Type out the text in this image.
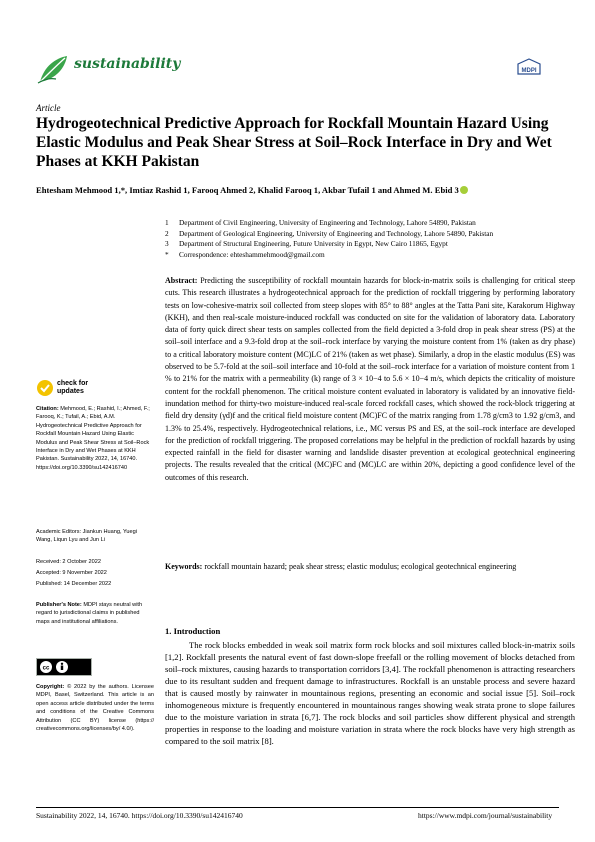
sustainability	MDPI
Article
Hydrogeotechnical Predictive Approach for Rockfall Mountain Hazard Using Elastic Modulus and Peak Shear Stress at Soil–Rock Interface in Dry and Wet Phases at KKH Pakistan
Ehtesham Mehmood 1,*, Imtiaz Rashid 1, Farooq Ahmed 2, Khalid Farooq 1, Akbar Tufail 1 and Ahmed M. Ebid 3
1	Department of Civil Engineering, University of Engineering and Technology, Lahore 54890, Pakistan
2	Department of Geological Engineering, University of Engineering and Technology, Lahore 54890, Pakistan
3	Department of Structural Engineering, Future University in Egypt, New Cairo 11865, Egypt
*	Correspondence: ehteshammehmood@gmail.com
Abstract: Predicting the susceptibility of rockfall mountain hazards for block-in-matrix soils is challenging for critical steep cuts. This research illustrates a hydrogeotechnical approach for the prediction of rockfall triggering by performing laboratory tests on low-cohesive-matrix soil collected from steep slopes with 85° to 88° angles at the Tatta Pani site, Karakorum Highway (KKH), and then real-scale moisture-induced rockfall was conducted on site for the validation of laboratory data. Laboratory data of forty quick direct shear tests on samples collected from the field depicted a 3-fold drop in peak shear stress (PS) at the soil–soil interface and a 9.3-fold drop at the soil–rock interface by varying the moisture content from 1% (taken as dry phase) to a critical laboratory moisture content (MC)LC of 21% (taken as wet phase). Similarly, a drop in the elastic modulus (ES) was observed to be 5.7-fold at the soil–soil interface and 10-fold at the soil–rock interface for a variation of moisture content from 1 % to 21% for the matrix with a permeability (k) range of 3 × 10−4 to 5.6 × 10−4 m/s, which depicts the criticality of moisture content for the rockfall phenomenon. The critical moisture content evaluated in laboratory is validated by an innovative field-inundation method for thirty-two moisture-induced real-scale forced rockfall cases, which showed the rock-block triggering at field dry density (γd)f and the critical field moisture content (MC)FC of the matrix ranging from 1.78 g/cm3 to 1.92 g/cm3, and 1.3% to 25.4%, respectively. Hydrogeotechnical relations, i.e., MC versus PS and ES, at the soil–rock interface are developed for the prediction of rockfall triggering. The proposed correlations may be helpful in the prediction of rockfall hazards by using expected rainfall in the field for disaster warning and landslide disaster prevention at ecological geotechnical engineering projects. The results revealed that the critical (MC)FC and (MC)LC are within 20%, depicting a good confidence level of the outcomes of this research.
Keywords: rockfall mountain hazard; peak shear stress; elastic modulus; ecological geotechnical engineering
check for
updates
Citation: Mehmood, E.; Rashid, I.; Ahmed, F.; Farooq, K.; Tufail, A.; Ebid, A.M. Hydrogeotechnical Predictive Approach for Rockfall Mountain Hazard Using Elastic Modulus and Peak Shear Stress at Soil–Rock Interface in Dry and Wet Phases at KKH Pakistan. Sustainability 2022, 14, 16740. https://doi.org/10.3390/su142416740
Academic Editors: Jiankun Huang, Yuegi Wang, Liqun Lyu and Jun Li
Received: 2 October 2022
Accepted: 9 November 2022
Published: 14 December 2022
Publisher's Note: MDPI stays neutral with regard to jurisdictional claims in published maps and institutional affiliations.
cc
Copyright: © 2022 by the authors. Licensee MDPI, Basel, Switzerland. This article is an open access article distributed under the terms and conditions of the Creative Commons Attribution (CC BY) license (https:// creativecommons.org/licenses/by/ 4.0/).
1. Introduction

The rock blocks embedded in weak soil matrix form rock blocks and soil mixtures called block-in-matrix soils [1,2]. Rockfall presents the natural event of fast down-slope freefall or the rolling movement of blocks detached from soil–rock mixtures, causing hazards to transportation corridors [3,4]. The rockfall phenomenon is attracting researchers due to its resultant sudden and frequent damage to infrastructures. Rockfall is an unstable process and severe hazard that is caused mostly by rainwater in mountainous regions, presenting an economic and social issue [5]. Soil–rock inhomogeneous mixture is frequently encountered in mountainous ranges showing weak strata prone to slope failures due to the moisture variation in strata [6,7]. The rock blocks and soil particles show different physical and strength properties in response to the loading and moisture variation in strata where the rock blocks have very high strength as compared to the soil matrix [8].

Sustainability 2022, 14, 16740. https://doi.org/10.3390/su142416740	https://www.mdpi.com/journal/sustainability
